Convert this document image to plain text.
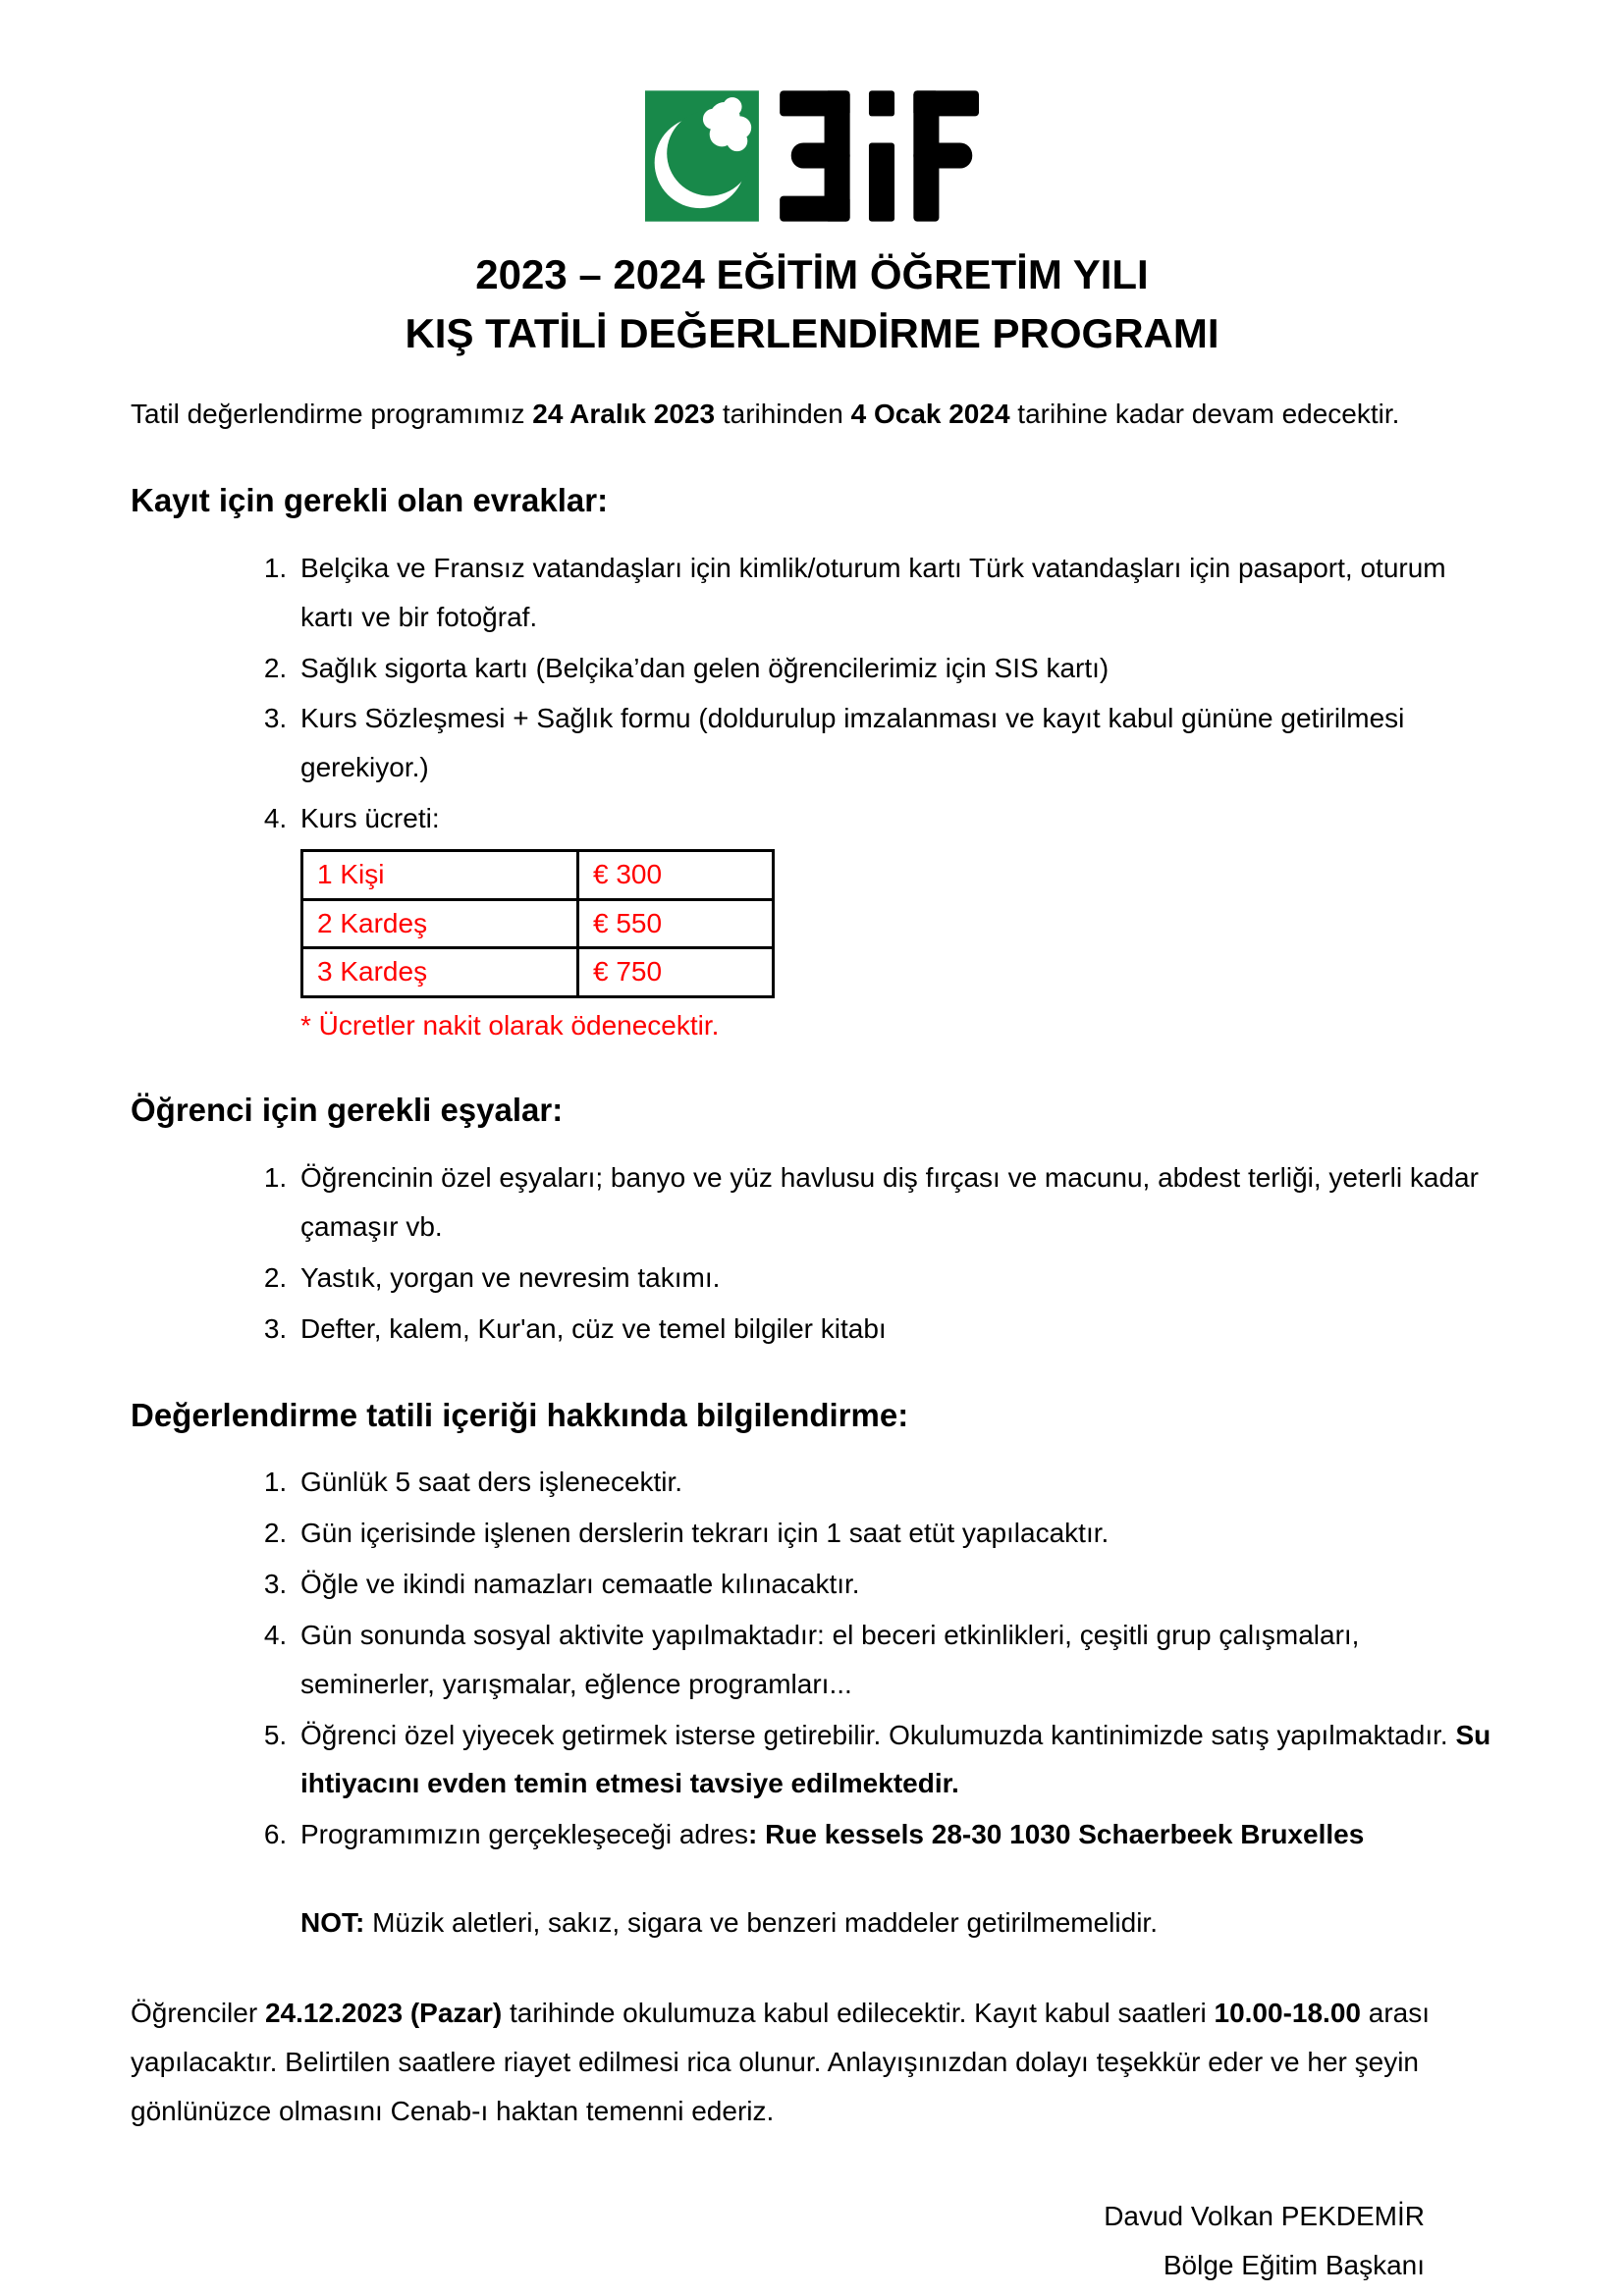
2023 – 2024 EĞİTİM ÖĞRETİM YILI
KIŞ TATİLİ DEĞERLENDİRME PROGRAMI

Tatil değerlendirme programımız 24 Aralık 2023 tarihinden 4 Ocak 2024 tarihine kadar devam edecektir.

Kayıt için gerekli olan evraklar:
1. Belçika ve Fransız vatandaşları için kimlik/oturum kartı Türk vatandaşları için pasaport, oturum kartı ve bir fotoğraf.
2. Sağlık sigorta kartı (Belçika’dan gelen öğrencilerimiz için SIS kartı)
3. Kurs Sözleşmesi + Sağlık formu (doldurulup imzalanması ve kayıt kabul gününe getirilmesi gerekiyor.)
4. Kurs ücreti:
1 Kişi	€ 300
2 Kardeş	€ 550
3 Kardeş	€ 750
* Ücretler nakit olarak ödenecektir.
Öğrenci için gerekli eşyalar:
1. Öğrencinin özel eşyaları; banyo ve yüz havlusu diş fırçası ve macunu, abdest terliği, yeterli kadar çamaşır vb.
2. Yastık, yorgan ve nevresim takımı.
3. Defter, kalem, Kur'an, cüz ve temel bilgiler kitabı
Değerlendirme tatili içeriği hakkında bilgilendirme:
1. Günlük 5 saat ders işlenecektir.
2. Gün içerisinde işlenen derslerin tekrarı için 1 saat etüt yapılacaktır.
3. Öğle ve ikindi namazları cemaatle kılınacaktır.
4. Gün sonunda sosyal aktivite yapılmaktadır: el beceri etkinlikleri, çeşitli grup çalışmaları, seminerler, yarışmalar, eğlence programları...
5. Öğrenci özel yiyecek getirmek isterse getirebilir. Okulumuzda kantinimizde satış yapılmaktadır. Su ihtiyacını evden temin etmesi tavsiye edilmektedir.
6. Programımızın gerçekleşeceği adres: Rue kessels 28-30 1030 Schaerbeek Bruxelles

NOT: Müzik aletleri, sakız, sigara ve benzeri maddeler getirilmemelidir.

Öğrenciler 24.12.2023 (Pazar) tarihinde okulumuza kabul edilecektir. Kayıt kabul saatleri 10.00-18.00 arası yapılacaktır. Belirtilen saatlere riayet edilmesi rica olunur. Anlayışınızdan dolayı teşekkür eder ve her şeyin gönlünüzce olmasını Cenab-ı haktan temenni ederiz.

Davud Volkan PEKDEMİR
Bölge Eğitim Başkanı
